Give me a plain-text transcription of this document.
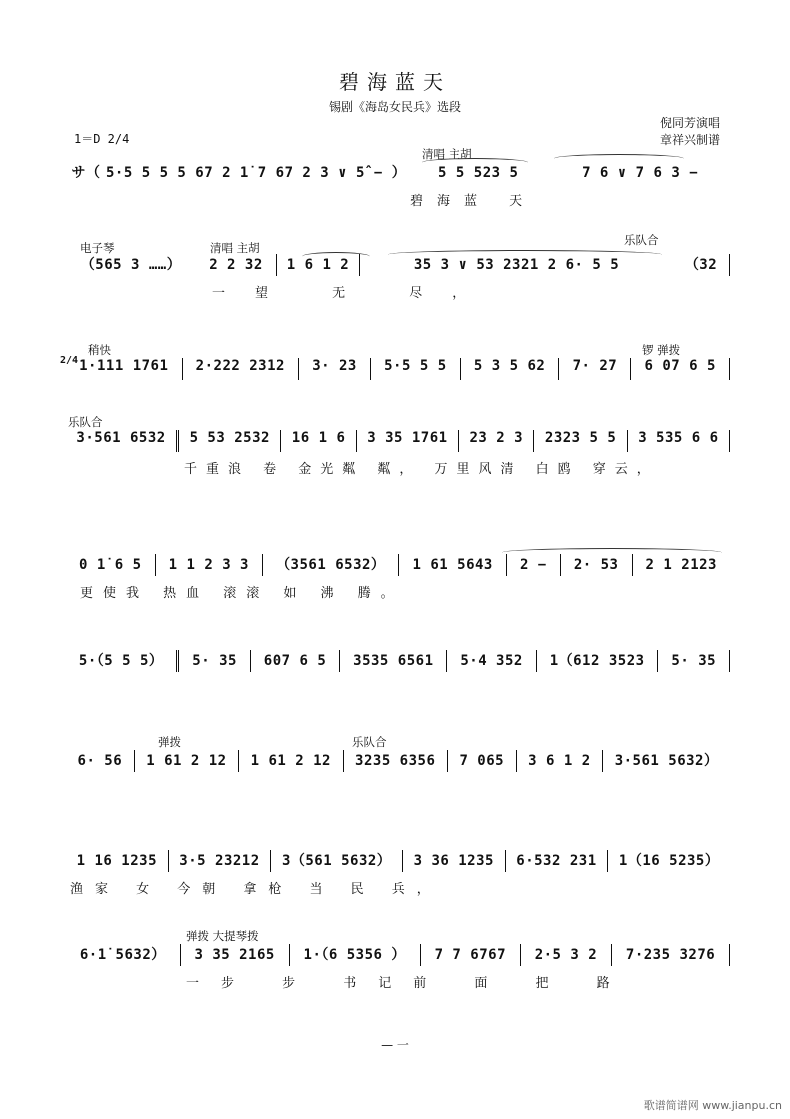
碧海蓝天
锡剧《海岛女民兵》选段
倪同芳演唱
章祥兴制谱
1＝D 2/4
清唱 主胡
サ（ 5·5 5 5 5 67 2 1̇ 7 67 2 3 ∨ 5̂ − ）	5 5 523 5	7 6 ∨ 7 6 3 −
碧海蓝 天
电子琴	清唱 主胡
乐队合
（565 3 ……）	2 2 32	1 6 1 2	35 3 ∨ 53 2321 2 6· 5 5	（32
一望 无 尽，
稍快	锣 弹拨
2/4 1·111 1761	2·222 2312	3· 23	5·5 5 5	5 3 5 62	7· 27	6 07 6 5
乐队合
3·561 6532	5 53 2532	16 1 6	3 35 1761	23 2 3	2323 5 5	3 535 6 6
千重浪 卷 金光粼 粼， 万里风清 白鸥 穿云，
0 1̇ 6 5	1 1 2 3 3	（3561 6532）	1 61 5643	2 −	2· 53	2 1 2123
更使我 热血 滚滚 如 沸 腾。
5·（5 5 5）	5· 35	607 6 5	3535 6561	5·4 352	1（612 3523	5· 35
弹拨	乐队合
6· 56	1 61 2 12	1 61 2 12	3235 6356	7 065	3 6 1 2	3·561 5632）
1 16 1235	3·5 23212	3（561 5632）	3 36 1235	6·532 231	1（16 5235）
渔家 女 今朝 拿枪 当 民 兵，
弹拨 大提琴拨
6·1̇ 5632）	3 35 2165	1·（6 5356 ）	7 7 6767	2·5 3 2	7·235 3276
一步 步 书记前 面 把 路
— 一
歌谱简谱网 www.jianpu.cn
